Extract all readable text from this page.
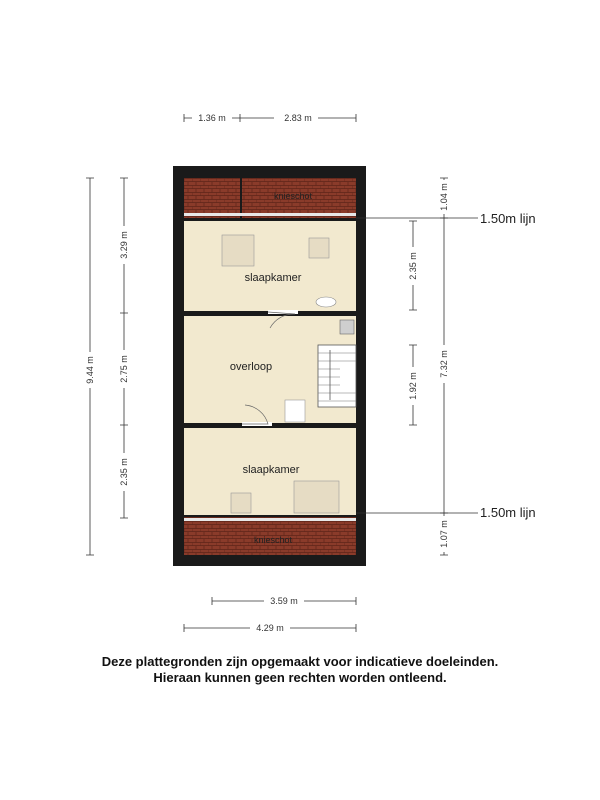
slaapkamer
overloop
slaapkamer
knieschot
knieschot
1.50m lijn
1.50m lijn
1.36 m	2.83 m
9.44 m
3.29 m
2.75 m
2.35 m
2.35 m
1.92 m
1.04 m
7.32 m
1.07 m
3.59 m
4.29 m
Deze plattegronden zijn opgemaakt voor indicatieve doeleinden.
Hieraan kunnen geen rechten worden ontleend.
